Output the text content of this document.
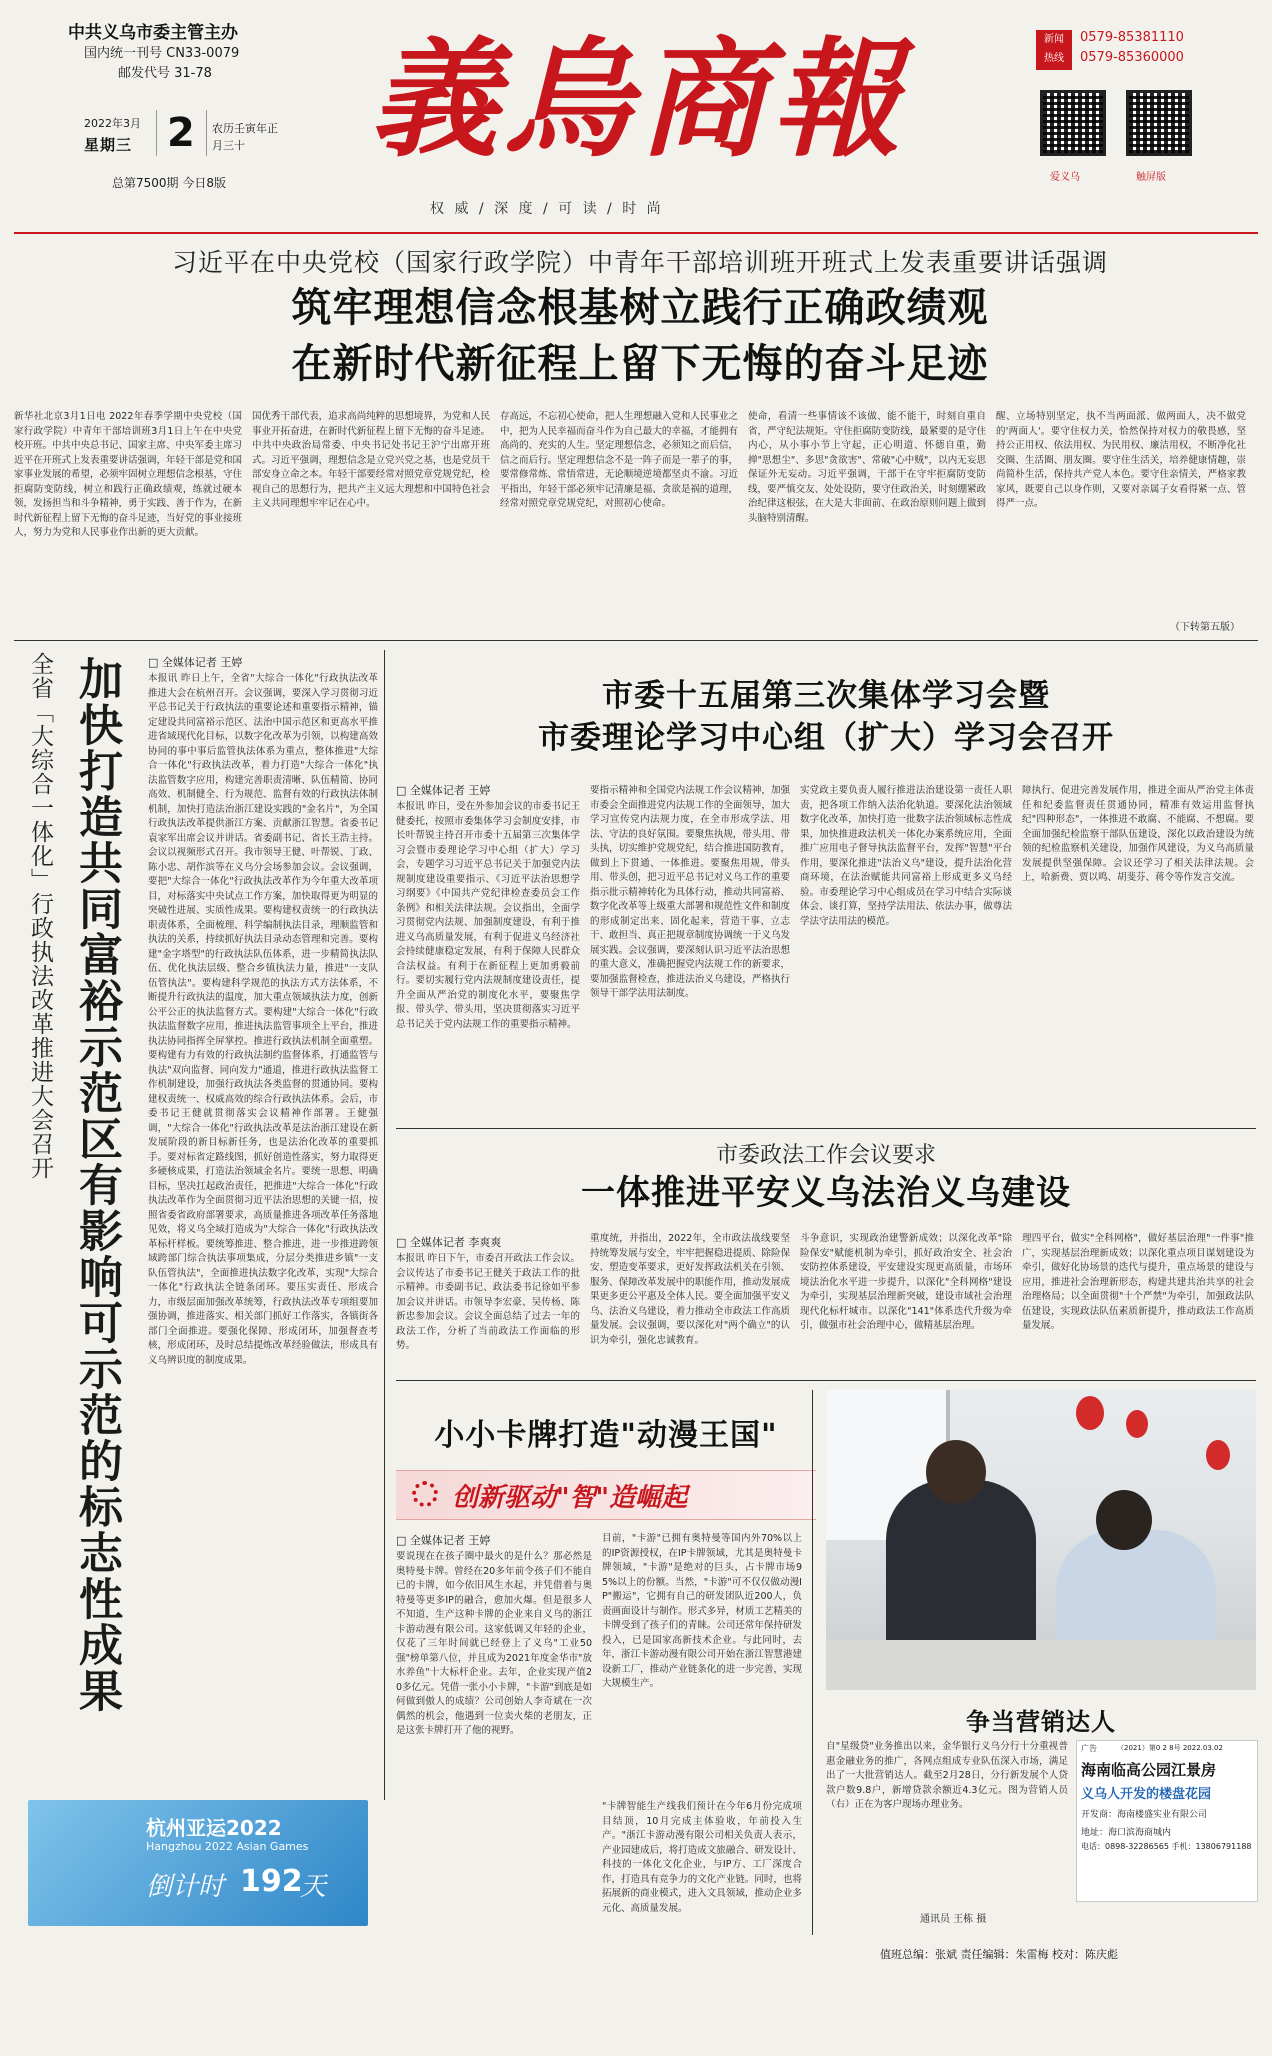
中共义乌市委主管主办
国内统一刊号 CN33-0079
邮发代号 31-78
2022年3月
星期三 2	农历壬寅年正月三十
总第7500期 今日8版
義烏商報
权 威 / 深 度 / 可 读 / 时 尚
新闻
热线
0579-85381110
0579-85360000
爱义乌	触屏版
习近平在中央党校（国家行政学院）中青年干部培训班开班式上发表重要讲话强调
筑牢理想信念根基树立践行正确政绩观
在新时代新征程上留下无悔的奋斗足迹
新华社北京3月1日电 2022年春季学期中央党校（国家行政学院）中青年干部培训班3月1日上午在中央党校开班。中共中央总书记、国家主席、中央军委主席习近平在开班式上发表重要讲话强调，年轻干部是党和国家事业发展的希望，必须牢固树立理想信念根基，守住拒腐防变防线，树立和践行正确政绩观，练就过硬本领，发扬担当和斗争精神，勇于实践、善于作为，在新时代新征程上留下无悔的奋斗足迹，当好党的事业接班人，努力为党和人民事业作出新的更大贡献。
国优秀干部代表，追求高尚纯粹的思想境界，为党和人民事业开拓奋进，在新时代新征程上留下无悔的奋斗足迹。中共中央政治局常委、中央书记处书记王沪宁出席开班式。习近平强调，理想信念是立党兴党之基，也是党员干部安身立命之本。年轻干部要经常对照党章党规党纪，检视自己的思想行为，把共产主义远大理想和中国特色社会主义共同理想牢牢记在心中。
存高远，不忘初心使命，把人生理想融入党和人民事业之中，把为人民幸福而奋斗作为自己最大的幸福，才能拥有高尚的、充实的人生。坚定理想信念，必须知之而后信，信之而后行。坚定理想信念不是一阵子而是一辈子的事，要常修常炼、常悟常进，无论顺境逆境都坚贞不渝。习近平指出，年轻干部必须牢记清廉是福、贪欲是祸的道理，经常对照党章党规党纪，对照初心使命。
使命，看清一些事情该不该做、能不能干，时刻自重自省，严守纪法规矩。守住拒腐防变防线，最紧要的是守住内心，从小事小节上守起，正心明道、怀德自重，勤掸"思想尘"、多思"贪欲害"、常破"心中贼"，以内无妄思保证外无妄动。习近平强调，干部干在守牢拒腐防变防线，要严慎交友、处处设防，要守住政治关，时刻绷紧政治纪律这根弦，在大是大非面前、在政治原则问题上做到头脑特别清醒。
醒、立场特别坚定，执不当两面派、做两面人，决不做党的'两面人'。要守住权力关，恰然保持对权力的敬畏感，坚持公正用权、依法用权、为民用权、廉洁用权，不断净化社交圈、生活圈、朋友圈。要守住生活关，培养健康情趣，崇尚简朴生活，保持共产党人本色。要守住亲情关，严格家教家风，既要自己以身作则，又要对亲属子女看得紧一点、管得严一点。
（下转第五版）
全省「大综合一体化」行政执法改革推进大会召开 加快打造共同富裕示范区有影响可示范的标志性成果 □ 全媒体记者 王婷
本报讯 昨日上午，全省"大综合一体化"行政执法改革推进大会在杭州召开。会议强调，要深入学习贯彻习近平总书记关于行政执法的重要论述和重要指示精神，锚定建设共同富裕示范区、法治中国示范区和更高水平推进省域现代化目标，以数字化改革为引领，以构建高效协同的事中事后监管执法体系为重点，整体推进"大综合一体化"行政执法改革，着力打造"大综合一体化"执法监管数字应用，构建完善职责清晰、队伍精简、协同高效、机制健全、行为规范、监督有效的行政执法体制机制，加快打造法治浙江建设实践的"金名片"，为全国行政执法改革提供浙江方案、贡献浙江智慧。省委书记袁家军出席会议并讲话。省委副书记、省长王浩主持。会议以视频形式召开。我市领导王健、叶帮锐、丁政、陈小忠、胡作滨等在义乌分会场参加会议。会议强调，要把"大综合一体化"行政执法改革作为今年重大改革项目，对标落实中央试点工作方案，加快取得更为明显的突破性进展、实质性成果。要构建权责统一的行政执法职责体系，全面梳理、科学编制执法目录，理顺监管和执法的关系，持续抓好执法目录动态管理和完善。要构建"金字塔型"的行政执法队伍体系，进一步精简执法队伍、优化执法层级、整合乡镇执法力量，推进"一支队伍管执法"。要构建科学规范的执法方式方法体系，不断提升行政执法的温度，加大重点领域执法力度，创新公平公正的执法监督方式。要构建"大综合一体化"行政执法监督数字应用，推进执法监管事项全上平台，推进执法协同指挥全屏掌控。推进行政执法机制全面重塑。要构建有力有效的行政执法制约监督体系，打通监管与执法"双向监督、同向发力"通道，推进行政执法监督工作机制建设，加强行政执法各类监督的贯通协同。要构建权责统一、权威高效的综合行政执法体系。会后，市委书记王健就贯彻落实会议精神作部署。王健强调，"大综合一体化"行政执法改革是法治浙江建设在新发展阶段的新目标新任务，也是法治化改革的重要抓手。要对标省定路线图，抓好创造性落实，努力取得更多硬核成果，打造法治领域金名片。要统一思想、明确目标，坚决扛起政治责任，把推进"大综合一体化"行政执法改革作为全面贯彻习近平法治思想的关键一招，按照省委省政府部署要求，高质量推进各项改革任务落地见效，将义乌全域打造成为"大综合一体化"行政执法改革标杆样板。要统筹推进、整合推进，进一步推进跨领域跨部门综合执法事项集成，分层分类推进乡镇"一支队伍管执法"，全面推进执法数字化改革，实现"大综合一体化"行政执法全链条闭环。要压实责任、形成合力，市级层面加强改革统筹，行政执法改革专项组要加强协调，推进落实、相关部门抓好工作落实，各镇街各部门全面推进。要强化保障、形成闭环，加强督查考核，形成闭环，及时总结提炼改革经验做法，形成具有义乌辨识度的制度成果。
杭州亚运2022
Hangzhou 2022 Asian Games
倒计时 192
天
市委十五届第三次集体学习会暨
市委理论学习中心组（扩大）学习会召开
□ 全媒体记者 王婷
本报讯 昨日，受在外参加会议的市委书记王健委托，按照市委集体学习会制度安排，市长叶帮锐主持召开市委十五届第三次集体学习会暨市委理论学习中心组（扩大）学习会，专题学习习近平总书记关于加强党内法规制度建设重要指示、《习近平法治思想学习纲要》《中国共产党纪律检查委员会工作条例》和相关法律法规。会议指出，全面学习贯彻党内法规、加强制度建设，有利于推进义乌高质量发展，有利于促进义乌经济社会持续健康稳定发展，有利于保障人民群众合法权益。有利于在新征程上更加勇毅前行。要切实履行党内法规制度建设责任，提升全面从严治党的制度化水平，要聚焦学报、带头学、带头用，坚决贯彻落实习近平总书记关于党内法规工作的重要指示精神。
要指示精神和全国党内法规工作会议精神，加强市委会全面推进党内法规工作的全面领导，加大学习宣传党内法规力度，在全市形成学法、用法、守法的良好氛围。要聚焦执规，带头用、带头执，切实维护党规党纪，结合推进国防教育，做到上下贯通、一体推进。要聚焦用规，带头用、带头创，把习近平总书记对义乌工作的重要指示批示精神转化为具体行动，推动共同富裕、数字化改革等上级重大部署和规范性文件和制度的形成制定出来、固化起来，营造干事、立志干、敢担当、真正把规章制度协调统一于义乌发展实践。会议强调，要深刻认识习近平法治思想的重大意义，准确把握党内法规工作的新要求，要加强监督检查，推进法治义乌建设，严格执行领导干部学法用法制度。
实党政主要负责人履行推进法治建设第一责任人职责，把各项工作纳入法治化轨道。要深化法治领域数字化改革，加快打造一批数字法治领域标志性成果，加快推进政法机关一体化办案系统应用，全面推广应用电子督导执法监督平台，发挥"智慧"平台作用，要深化推进"法治义乌"建设，提升法治化营商环境，在法治赋能共同富裕上形成更多义乌经验。市委理论学习中心组成员在学习中结合实际谈体会、谈打算，坚持学法用法、依法办事，做尊法学法守法用法的模范。
障执行、促进完善发展作用，推进全面从严治党主体责任和纪委监督责任贯通协同，精准有效运用监督执纪"四种形态"，一体推进不敢腐、不能腐、不想腐。要全面加强纪检监察干部队伍建设，深化以政治建设为统领的纪检监察机关建设，加强作风建设，为义乌高质量发展提供坚强保障。会议还学习了相关法律法规。会上，哈新费、贾以鸣、胡斐芬、蒋令等作发言交流。
市委政法工作会议要求
一体推进平安义乌法治义乌建设
□ 全媒体记者 李爽爽
本报讯 昨日下午，市委召开政法工作会议。会议传达了市委书记王健关于政法工作的批示精神。市委副书记、政法委书记徐如平参加会议并讲话。市领导李宏豪、吴传杨、陈新忠参加会议。会议全面总结了过去一年的政法工作，分析了当前政法工作面临的形势。
重度统，并指出，2022年，全市政法战线要坚持统筹发展与安全，牢牢把握稳进提质、除险保安、塑造变革要求，更好发挥政法机关在引领、服务、保障改革发展中的职能作用，推动发展成果更多更公平惠及全体人民。要全面加强平安义乌、法治义乌建设，着力推动全市政法工作高质量发展。会议强调，要以深化对"两个确立"的认识为牵引，强化忠诚教育。
斗争意识，实现政治建警新成效；以深化改革"除险保安"赋能机制为牵引，抓好政治安全、社会治安防控体系建设，平安建设实现更高质量，市场环境法治化水平进一步提升，以深化"全科网格"建设为牵引，实现基层治理新突破，建设市域社会治理现代化标杆城市。以深化"141"体系迭代升级为牵引，做强市社会治理中心，做精基层治理。
理四平台，做实"全科网格"，做好基层治理"一件事"推广，实现基层治理新成效；以深化重点项目谋划建设为牵引，做好化协场景的迭代与提升，重点场景的建设与应用，推进社会治理新形态，构建共建共治共享的社会治理格局；以全面贯彻"十个严禁"为牵引，加强政法队伍建设，实现政法队伍素质新提升，推动政法工作高质量发展。
小小卡牌打造"动漫王国"
创新驱动"智"造崛起
□ 全媒体记者 王婷
要说现在在孩子圈中最火的是什么？那必然是奥特曼卡牌。曾经在20多年前令孩子们不能自已的卡牌，如今依旧风生水起，并凭借着与奥特曼等更多IP的融合，愈加火爆。但是很多人不知道，生产这种卡牌的企业来自义乌的浙江卡游动漫有限公司。这家低调又年轻的企业，仅花了三年时间就已经登上了义乌"工业50强"榜单第八位，并且成为2021年度金华市"放水养鱼"十大标杆企业。去年，企业实现产值20多亿元。凭借一张小小卡牌，"卡游"到底是如何做到傲人的成绩？公司创始人李奇斌在一次偶然的机会，他遇到一位卖火柴的老朋友，正是这张卡牌打开了他的视野。
目前，"卡游"已拥有奥特曼等国内外70%以上的IP资源授权，在IP卡牌领域，尤其是奥特曼卡牌领域，"卡游"是绝对的巨头，占卡牌市场95%以上的份额。当然，"卡游"可不仅仅做动漫IP"搬运"，它拥有自己的研发团队近200人，负责画面设计与制作。形式多异，材质工艺精美的卡牌受到了孩子们的青睐。公司还常年保持研发投入，已是国家高新技术企业。与此同时，去年，浙江卡游动漫有限公司开始在浙江智慧港建设新工厂，推动产业链条化的进一步完善，实现大规模生产。
"卡牌智能生产线我们预计在今年6月份完成项目结顶，10月完成主体验收，年前投入生产。"浙江卡游动漫有限公司相关负责人表示，产业园建成后，将打造成文旅融合、研发设计、科技的一体化文化企业，与IP方、工厂深度合作，打造具有竞争力的文化产业链。同时，也将拓展新的商业模式，进入文具领域，推动企业多元化、高质量发展。
争当营销达人
自"星级贷"业务推出以来，金华银行义乌分行十分重视普惠金融业务的推广，各网点组成专业队伍深入市场，满足出了一大批营销达人。截至2月28日，分行新发展个人贷款户数9.8户，新增贷款余额近4.3亿元。图为营销人员（右）正在为客户现场办理业务。
通讯员 王栋 摄
广告	（2021）第0 2 8号 2022.03.02
海南临高公园江景房
义乌人开发的楼盘花园
开发商：海南楼盛实业有限公司
地址：海口滨海商城内
电话：0898-32286565 手机：13806791188
值班总编：张斌 责任编辑：朱雷梅 校对：陈庆彪
